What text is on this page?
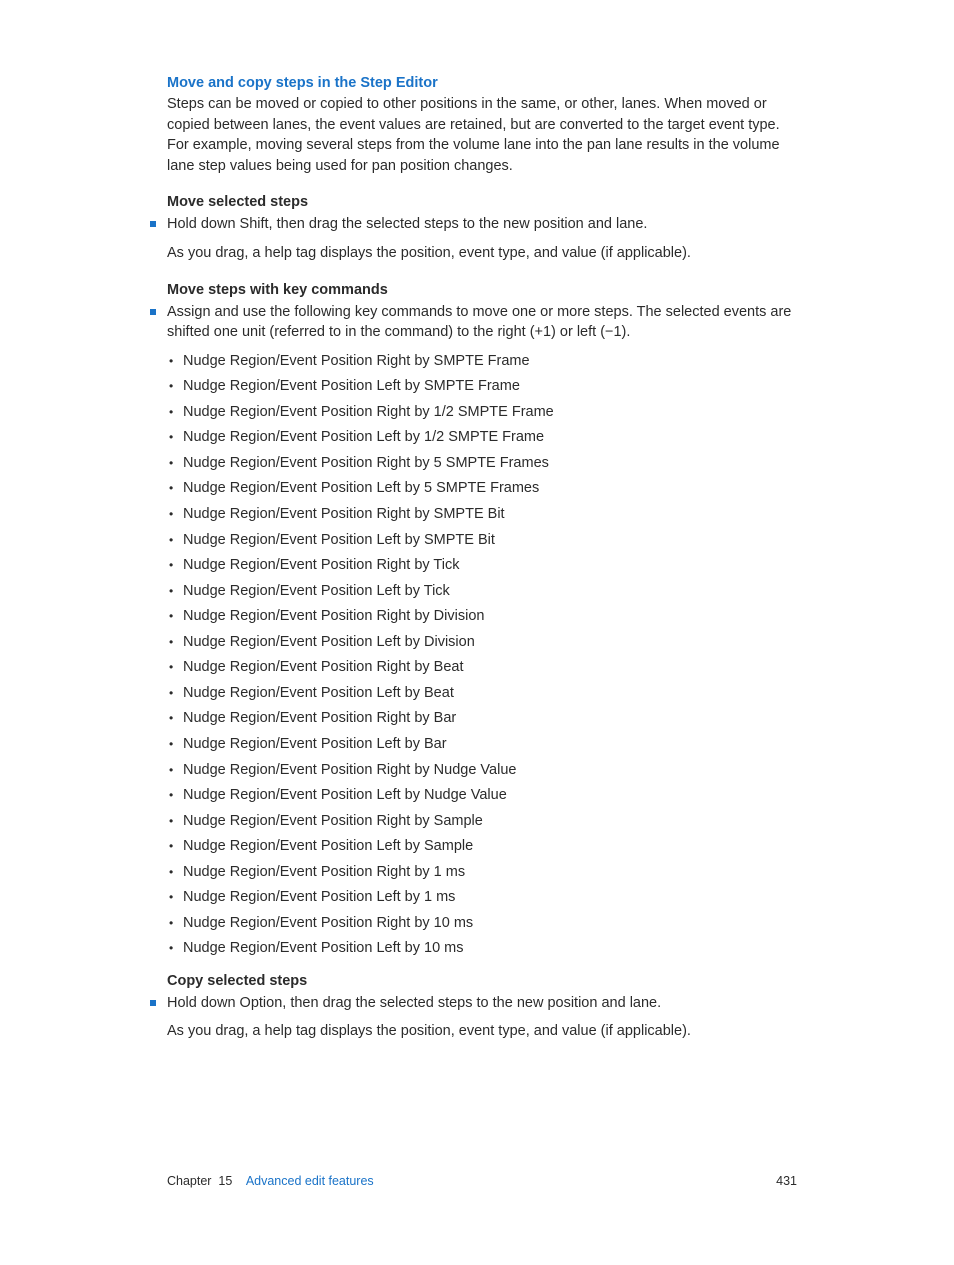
Move and copy steps in the Step Editor

Steps can be moved or copied to other positions in the same, or other, lanes. When moved or copied between lanes, the event values are retained, but are converted to the target event type. For example, moving several steps from the volume lane into the pan lane results in the volume lane step values being used for pan position changes.

Move selected steps

Hold down Shift, then drag the selected steps to the new position and lane.

As you drag, a help tag displays the position, event type, and value (if applicable).

Move steps with key commands

Assign and use the following key commands to move one or more steps. The selected events are shifted one unit (referred to in the command) to the right (+1) or left (−1).

• Nudge Region/Event Position Right by SMPTE Frame
• Nudge Region/Event Position Left by SMPTE Frame
• Nudge Region/Event Position Right by 1/2 SMPTE Frame
• Nudge Region/Event Position Left by 1/2 SMPTE Frame
• Nudge Region/Event Position Right by 5 SMPTE Frames
• Nudge Region/Event Position Left by 5 SMPTE Frames
• Nudge Region/Event Position Right by SMPTE Bit
• Nudge Region/Event Position Left by SMPTE Bit
• Nudge Region/Event Position Right by Tick
• Nudge Region/Event Position Left by Tick
• Nudge Region/Event Position Right by Division
• Nudge Region/Event Position Left by Division
• Nudge Region/Event Position Right by Beat
• Nudge Region/Event Position Left by Beat
• Nudge Region/Event Position Right by Bar
• Nudge Region/Event Position Left by Bar
• Nudge Region/Event Position Right by Nudge Value
• Nudge Region/Event Position Left by Nudge Value
• Nudge Region/Event Position Right by Sample
• Nudge Region/Event Position Left by Sample
• Nudge Region/Event Position Right by 1 ms
• Nudge Region/Event Position Left by 1 ms
• Nudge Region/Event Position Right by 10 ms
• Nudge Region/Event Position Left by 10 ms
Copy selected steps

Hold down Option, then drag the selected steps to the new position and lane.

As you drag, a help tag displays the position, event type, and value (if applicable).

Chapter  15 Advanced edit features	431
